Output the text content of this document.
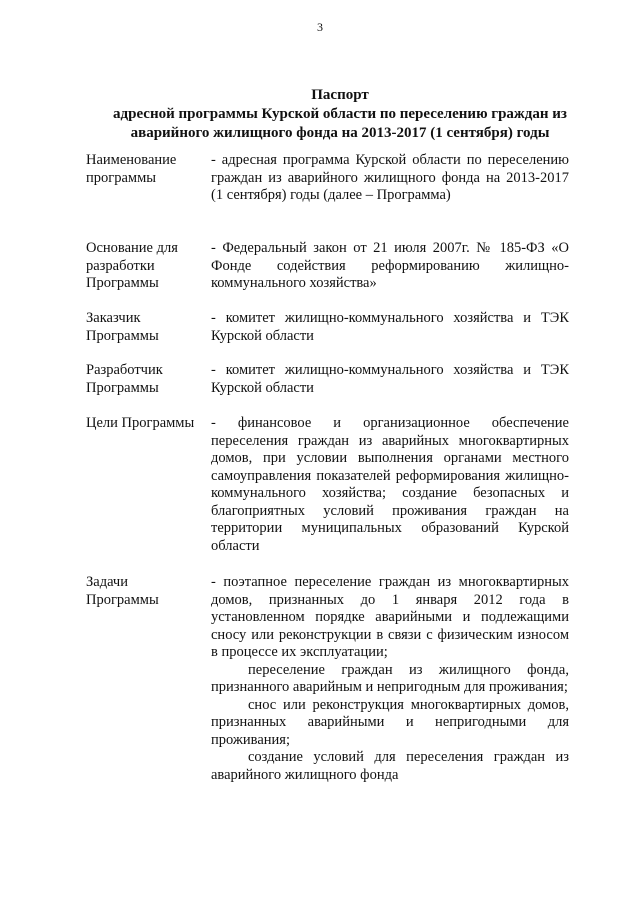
3
Паспорт
адресной программы Курской области по переселению граждан из
аварийного жилищного фонда на 2013-2017 (1 сентября) годы
Наименование
программы

- адресная программа Курской области по переселению граждан из аварийного жилищного фонда на 2013-2017 (1 сентября) годы (далее – Программа)

Основание для
разработки
Программы

- Федеральный закон от 21 июля 2007г. № 185-ФЗ «О Фонде содействия реформированию жилищно-коммунального хозяйства»

Заказчик
Программы

- комитет жилищно-коммунального хозяйства и ТЭК Курской области

Разработчик
Программы

- комитет жилищно-коммунального хозяйства и ТЭК Курской области

Цели Программы	- финансовое и организационное обеспечение переселения граждан из аварийных многоквартирных домов, при условии выполнения органами местного самоуправления показателей реформирования жилищно-коммунального хозяйства; создание безопасных и благоприятных условий проживания граждан на территории муниципальных образований Курской области

Задачи
Программы

- поэтапное переселение граждан из многоквартирных домов, признанных до 1 января 2012 года в установленном порядке аварийными и подлежащими сносу или реконструкции в связи с физическим износом в процессе их эксплуатации;

переселение граждан из жилищного фонда, признанного аварийным и непригодным для проживания;

снос или реконструкция многоквартирных домов, признанных аварийными и непригодными для проживания;

создание условий для переселения граждан из аварийного жилищного фонда
